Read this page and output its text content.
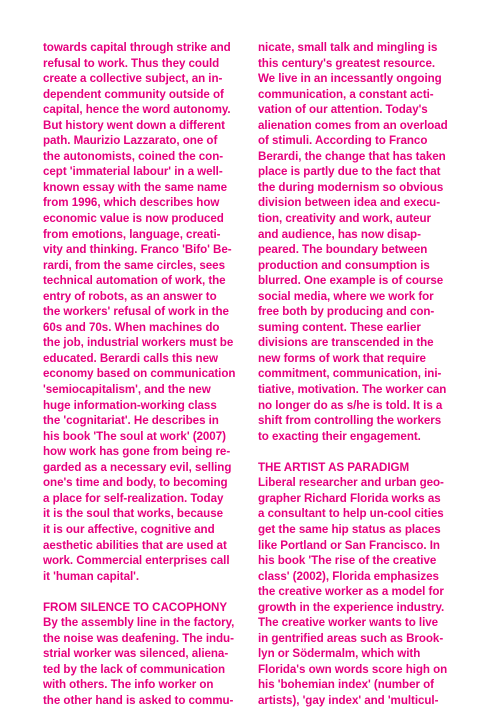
towards capital through strike and
refusal to work. Thus they could
create a collective subject, an in-
dependent community outside of
capital, hence the word autonomy.
But history went down a different
path. Maurizio Lazzarato, one of
the autonomists, coined the con-
cept 'immaterial labour' in a well-
known essay with the same name
from 1996, which describes how
economic value is now produced
from emotions, language, creati-
vity and thinking. Franco 'Bifo' Be-
rardi, from the same circles, sees
technical automation of work, the
entry of robots, as an answer to
the workers' refusal of work in the
60s and 70s. When machines do
the job, industrial workers must be
educated. Berardi calls this new
economy based on communication
'semiocapitalism', and the new
huge information-working class
the 'cognitariat'. He describes in
his book 'The soul at work' (2007)
how work has gone from being re-
garded as a necessary evil, selling
one's time and body, to becoming
a place for self-realization. Today
it is the soul that works, because
it is our affective, cognitive and
aesthetic abilities that are used at
work. Commercial enterprises call
it 'human capital'.
FROM SILENCE TO CACOPHONY
By the assembly line in the factory,
the noise was deafening. The indu-
strial worker was silenced, aliena-
ted by the lack of communication
with others. The info worker on
the other hand is asked to commu-
nicate, small talk and mingling is
this century's greatest resource.
We live in an incessantly ongoing
communication, a constant acti-
vation of our attention. Today's
alienation comes from an overload
of stimuli. According to Franco
Berardi, the change that has taken
place is partly due to the fact that
the during modernism so obvious
division between idea and execu-
tion, creativity and work, auteur
and audience, has now disap-
peared. The boundary between
production and consumption is
blurred. One example is of course
social media, where we work for
free both by producing and con-
suming content. These earlier
divisions are transcended in the
new forms of work that require
commitment, communication, ini-
tiative, motivation. The worker can
no longer do as s/he is told. It is a
shift from controlling the workers
to exacting their engagement.
THE ARTIST AS PARADIGM
Liberal researcher and urban geo-
grapher Richard Florida works as
a consultant to help un-cool cities
get the same hip status as places
like Portland or San Francisco. In
his book 'The rise of the creative
class' (2002), Florida emphasizes
the creative worker as a model for
growth in the experience industry.
The creative worker wants to live
in gentrified areas such as Brook-
lyn or Södermalm, which with
Florida's own words score high on
his 'bohemian index' (number of
artists), 'gay index' and 'multicul-
